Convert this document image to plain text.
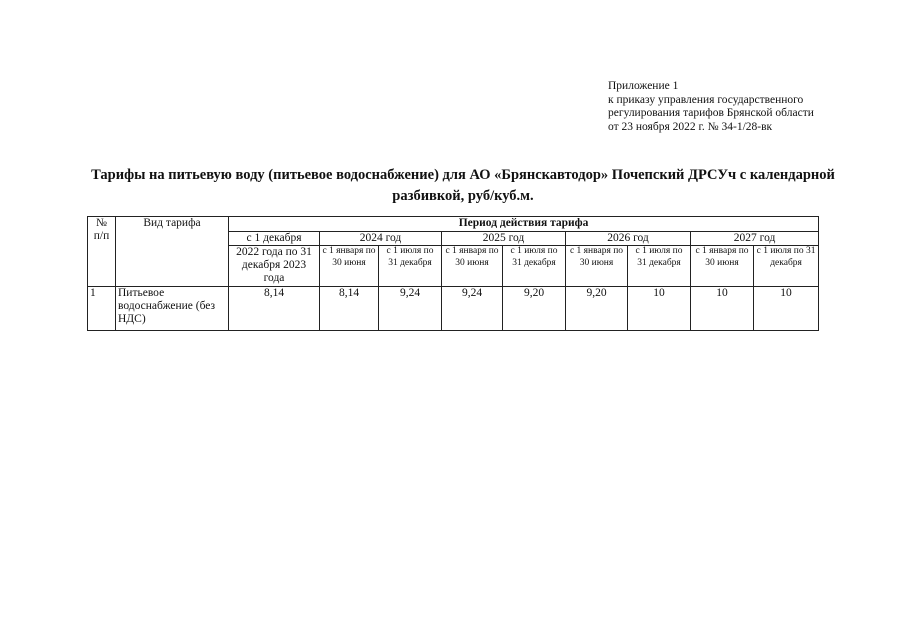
Приложение 1
к приказу управления государственного
регулирования тарифов Брянской области
от 23 ноября 2022 г. № 34-1/28-вк
Тарифы на питьевую воду (питьевое водоснабжение) для АО «Брянскавтодор» Почепский ДРСУч с календарной
разбивкой, руб/куб.м.
№ п/п	Вид тарифа	Период действия тарифа								
		с 1 декабря	2024 год		2025 год		2026 год		2027 год	
		2022 года по 31 декабря 2023 года	с 1 января по 30 июня	с 1 июля по 31 декабря	с 1 января по 30 июня	с 1 июля по 31 декабря	с 1 января по 30 июня	с 1 июля по 31 декабря	с 1 января по 30 июня	с 1 июля по 31 декабря
1	Питьевое водоснабжение (без НДС)	8,14	8,14	9,24	9,24	9,20	9,20	10	10	10
